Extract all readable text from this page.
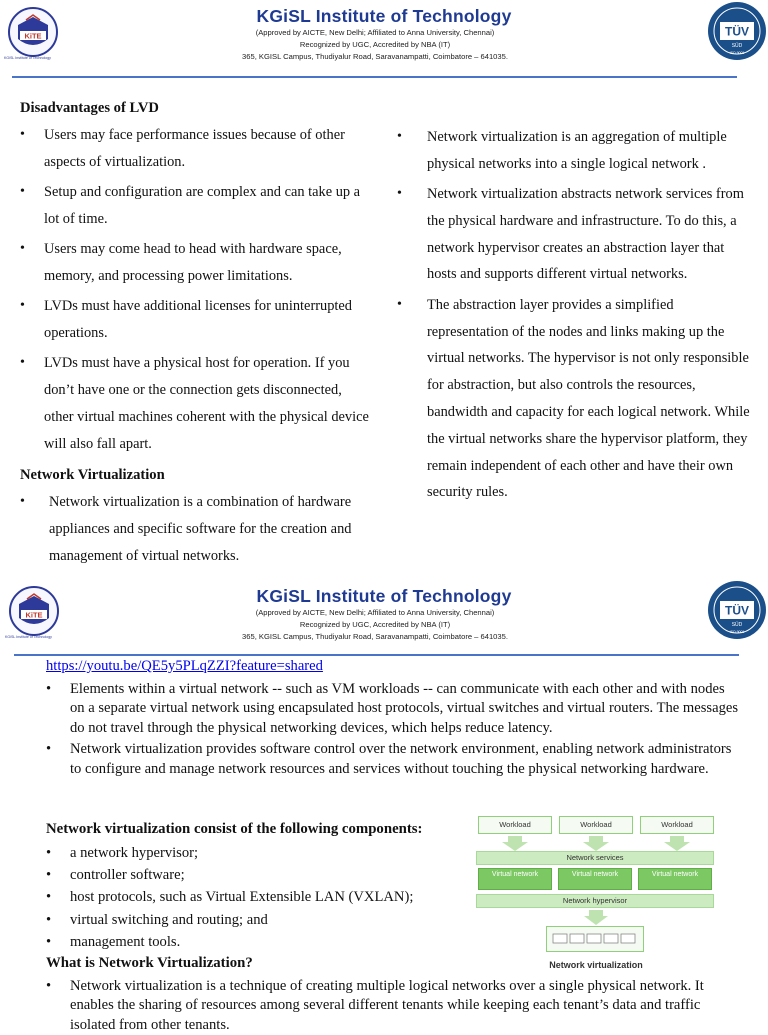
KiTE
KGiSL Institute of Technology
KGiSL Institute of Technology
(Approved by AICTE, New Delhi; Affiliated to Anna University, Chennai)
Recognized by UGC, Accredited by NBA (IT)
365, KGISL Campus, Thudiyalur Road, Saravanampatti, Coimbatore – 641035.
TÜV
SÜD
ISO 9001
Disadvantages of LVD
• Users may face performance issues because of other aspects of virtualization.
• Setup and configuration are complex and can take up a lot of time.
• Users may come head to head with hardware space, memory, and processing power limitations.
• LVDs must have additional licenses for uninterrupted operations.
• LVDs must have a physical host for operation. If you don’t have one or the connection gets disconnected, other virtual machines coherent with the physical device will also fall apart.
Network Virtualization
• Network virtualization is a combination of hardware appliances and specific software for the creation and management of virtual networks.
• Network virtualization is an aggregation of multiple physical networks into a single logical network .
• Network virtualization abstracts network services from the physical hardware and infrastructure. To do this, a network hypervisor creates an abstraction layer that hosts and supports different virtual networks.
• The abstraction layer provides a simplified representation of the nodes and links making up the virtual networks. The hypervisor is not only responsible for abstraction, but also controls the resources, bandwidth and capacity for each logical network. While the virtual networks share the hypervisor platform, they remain independent of each other and have their own security rules.
KiTE
KGiSL Institute of Technology
KGiSL Institute of Technology
(Approved by AICTE, New Delhi; Affiliated to Anna University, Chennai)
Recognized by UGC, Accredited by NBA (IT)
365, KGISL Campus, Thudiyalur Road, Saravanampatti, Coimbatore – 641035.
TÜV
SÜD
ISO 9001
https://youtu.be/QE5y5PLqZZI?feature=shared
• Elements within a virtual network -- such as VM workloads -- can communicate with each other and with nodes on a separate virtual network using encapsulated host protocols, virtual switches and virtual routers. The messages do not travel through the physical networking devices, which helps reduce latency.
• Network virtualization provides software control over the network environment, enabling network administrators to configure and manage network resources and services without touching the physical networking hardware.
Network virtualization consist of the following components:
• a network hypervisor;
• controller software;
• host protocols, such as Virtual Extensible LAN (VXLAN);
• virtual switching and routing; and
• management tools.
What is Network Virtualization?
• Network virtualization is a technique of creating multiple logical networks over a single physical network. It enables the sharing of resources among several different tenants while keeping each tenant’s data and traffic isolated from other tenants.
Workload	Workload	Workload
Network services
Virtual network	Virtual network	Virtual network
Network hypervisor
Network virtualization
